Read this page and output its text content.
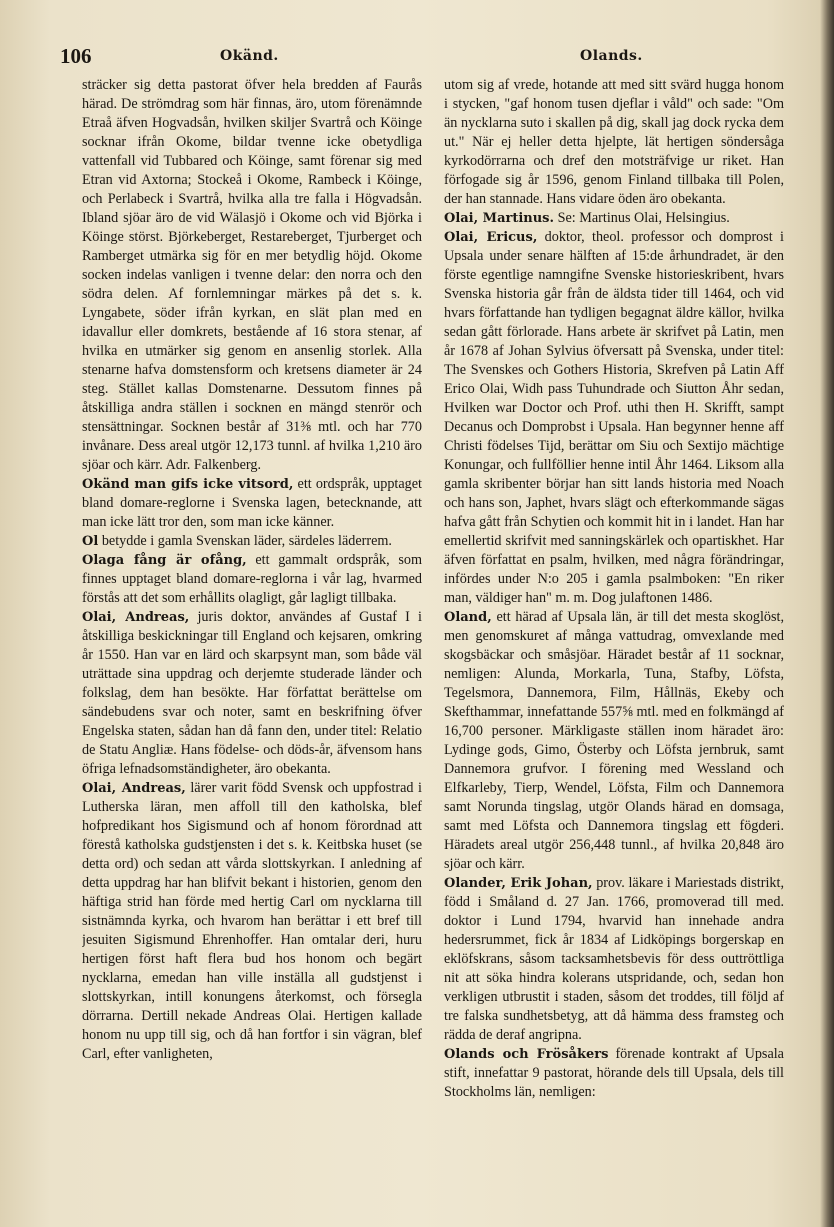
106	Okänd.	Olands.

sträcker sig detta pastorat öfver hela bredden af Faurås härad. De strömdrag som här finnas, äro, utom förenämnde Etraå äfven Hogvadsån, hvilken skiljer Svartrå och Köinge socknar ifrån Okome, bildar tvenne icke obetydliga vattenfall vid Tubbared och Köinge, samt förenar sig med Etran vid Axtorna; Stockeå i Okome, Rambeck i Köinge, och Perlabeck i Svartrå, hvilka alla tre falla i Högvadsån. Ibland sjöar äro de vid Wälasjö i Okome och vid Björka i Köinge störst. Björkeberget, Restareberget, Tjurberget och Ramberget utmärka sig för en mer betydlig höjd. Okome socken indelas vanligen i tvenne delar: den norra och den södra delen. Af fornlemningar märkes på det s. k. Lyngabete, söder ifrån kyrkan, en slät plan med en idavallur eller domkrets, bestående af 16 stora stenar, af hvilka en utmärker sig genom en ansenlig storlek. Alla stenarne hafva domstensform och kretsens diameter är 24 steg. Stället kallas Domstenarne. Dessutom finnes på åtskilliga andra ställen i socknen en mängd stenrör och stensättningar. Socknen består af 31⅜ mtl. och har 770 invånare. Dess areal utgör 12,173 tunnl. af hvilka 1,210 äro sjöar och kärr. Adr. Falkenberg.

Okänd man gifs icke vitsord, ett ordspråk, upptaget bland domare-reglorne i Svenska lagen, betecknande, att man icke lätt tror den, som man icke känner.

Ol betydde i gamla Svenskan läder, särdeles läderrem.

Olaga fång är ofång, ett gammalt ordspråk, som finnes upptaget bland domare-reglorna i vår lag, hvarmed förstås att det som erhållits olagligt, går lagligt tillbaka.

Olai, Andreas, juris doktor, användes af Gustaf I i åtskilliga beskickningar till England och kejsaren, omkring år 1550. Han var en lärd och skarpsynt man, som både väl uträttade sina uppdrag och derjemte studerade länder och folkslag, dem han besökte. Har författat berättelse om sändebudens svar och noter, samt en beskrifning öfver Engelska staten, sådan han då fann den, under titel: Relatio de Statu Angliæ. Hans födelse- och döds-år, äfvensom hans öfriga lefnadsomständigheter, äro obekanta.

Olai, Andreas, lärer varit född Svensk och uppfostrad i Lutherska läran, men affoll till den katholska, blef hofpredikant hos Sigismund och af honom förordnad att förestå katholska gudstjensten i det s. k. Keitbska huset (se detta ord) och sedan att vårda slottskyrkan. I anledning af detta uppdrag har han blifvit bekant i historien, genom den häftiga strid han förde med hertig Carl om nycklarna till sistnämnda kyrka, och hvarom han berättar i ett bref till jesuiten Sigismund Ehrenhoffer. Han omtalar deri, huru hertigen först haft flera bud hos honom och begärt nycklarna, emedan han ville inställa all gudstjenst i slottskyrkan, intill konungens återkomst, och försegla dörrarna. Dertill nekade Andreas Olai. Hertigen kallade honom nu upp till sig, och då han fortfor i sin vägran, blef Carl, efter vanligheten,

utom sig af vrede, hotande att med sitt svärd hugga honom i stycken, "gaf honom tusen djeflar i våld" och sade: "Om än nycklarna suto i skallen på dig, skall jag dock rycka dem ut." När ej heller detta hjelpte, lät hertigen söndersåga kyrkodörrarna och dref den motsträfvige ur riket. Han förfogade sig år 1596, genom Finland tillbaka till Polen, der han stannade. Hans vidare öden äro obekanta.

Olai, Martinus. Se: Martinus Olai, Helsingius.

Olai, Ericus, doktor, theol. professor och domprost i Upsala under senare hälften af 15:de århundradet, är den förste egentlige namngifne Svenske historieskribent, hvars Svenska historia går från de äldsta tider till 1464, och vid hvars författande han tydligen begagnat äldre källor, hvilka sedan gått förlorade. Hans arbete är skrifvet på Latin, men år 1678 af Johan Sylvius öfversatt på Svenska, under titel: The Svenskes och Gothers Historia, Skrefven på Latin Aff Erico Olai, Widh pass Tuhundrade och Siutton Åhr sedan, Hvilken war Doctor och Prof. uthi then H. Skrifft, sampt Decanus och Domprobst i Upsala. Han begynner henne aff Christi födelses Tijd, berättar om Siu och Sextijo mächtige Konungar, och fullföllier henne intil Åhr 1464. Liksom alla gamla skribenter börjar han sitt lands historia med Noach och hans son, Japhet, hvars slägt och efterkommande sägas hafva gått från Schytien och kommit hit in i landet. Han har emellertid skrifvit med sanningskärlek och opartiskhet. Har äfven författat en psalm, hvilken, med några förändringar, infördes under N:o 205 i gamla psalmboken: "En riker man, väldiger han" m. m. Dog julaftonen 1486.

Oland, ett härad af Upsala län, är till det mesta skoglöst, men genomskuret af många vattudrag, omvexlande med skogsbäckar och småsjöar. Häradet består af 11 socknar, nemligen: Alunda, Morkarla, Tuna, Stafby, Löfsta, Tegelsmora, Dannemora, Film, Hållnäs, Ekeby och Skefthammar, innefattande 557⅝ mtl. med en folkmängd af 16,700 personer. Märkligaste ställen inom häradet äro: Lydinge gods, Gimo, Österby och Löfsta jernbruk, samt Dannemora grufvor. I förening med Wessland och Elfkarleby, Tierp, Wendel, Löfsta, Film och Dannemora samt Norunda tingslag, utgör Olands härad en domsaga, samt med Löfsta och Dannemora tingslag ett fögderi. Häradets areal utgör 256,448 tunnl., af hvilka 20,848 äro sjöar och kärr.

Olander, Erik Johan, prov. läkare i Mariestads distrikt, född i Småland d. 27 Jan. 1766, promoverad till med. doktor i Lund 1794, hvarvid han innehade andra hedersrummet, fick år 1834 af Lidköpings borgerskap en eklöfskrans, såsom tacksamhetsbevis för dess outtröttliga nit att söka hindra kolerans utspridande, och, sedan hon verkligen utbrustit i staden, såsom det troddes, till följd af tre falska sundhetsbetyg, att då hämma dess framsteg och rädda de deraf angripna.

Olands och Frösåkers förenade kontrakt af Upsala stift, innefattar 9 pastorat, hörande dels till Upsala, dels till Stockholms län, nemligen:
